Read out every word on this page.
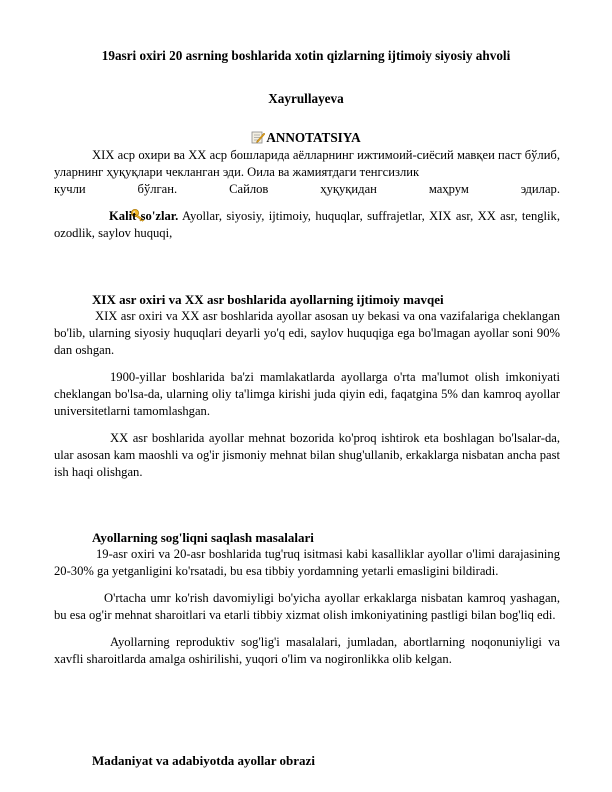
19asri oxiri 20 asrning boshlarida xotin qizlarning ijtimoiy siyosiy ahvoli
Xayrullayeva
ANNOTATSIYA

XIX аср охири ва XX аср бошларида аёлларнинг ижтимоий-сиёсий мавқеи паст бўлиб, уларнинг ҳуқуқлари чекланган эди. Оила ва жамиятдаги тенгсизлик

кучли бўлган. Сайлов ҳуқуқидан маҳрум эдилар.

Kalit so'zlar. Ayollar, siyosiy, ijtimoiy, huquqlar, suffrajetlar, XIX asr, XX asr, tenglik, ozodlik, saylov huquqi,

XIX asr oxiri va XX asr boshlarida ayollarning ijtimoiy mavqei

XIX asr oxiri va XX asr boshlarida ayollar asosan uy bekasi va ona vazifalariga cheklangan bo'lib, ularning siyosiy huquqlari deyarli yo'q edi, saylov huquqiga ega bo'lmagan ayollar soni 90% dan oshgan.

1900-yillar boshlarida ba'zi mamlakatlarda ayollarga o'rta ma'lumot olish imkoniyati cheklangan bo'lsa-da, ularning oliy ta'limga kirishi juda qiyin edi, faqatgina 5% dan kamroq ayollar universitetlarni tamomlashgan.

XX asr boshlarida ayollar mehnat bozorida ko'proq ishtirok eta boshlagan bo'lsalar-da, ular asosan kam maoshli va og'ir jismoniy mehnat bilan shug'ullanib, erkaklarga nisbatan ancha past ish haqi olishgan.

Ayollarning sog'liqni saqlash masalalari

19-asr oxiri va 20-asr boshlarida tug'ruq isitmasi kabi kasalliklar ayollar o'limi darajasining 20-30% ga yetganligini ko'rsatadi, bu esa tibbiy yordamning yetarli emasligini bildiradi.

O'rtacha umr ko'rish davomiyligi bo'yicha ayollar erkaklarga nisbatan kamroq yashagan, bu esa og'ir mehnat sharoitlari va etarli tibbiy xizmat olish imkoniyatining pastligi bilan bog'liq edi.

Ayollarning reproduktiv sog'lig'i masalalari, jumladan, abortlarning noqonuniyligi va xavfli sharoitlarda amalga oshirilishi, yuqori o'lim va nogironlikka olib kelgan.

Madaniyat va adabiyotda ayollar obrazi
